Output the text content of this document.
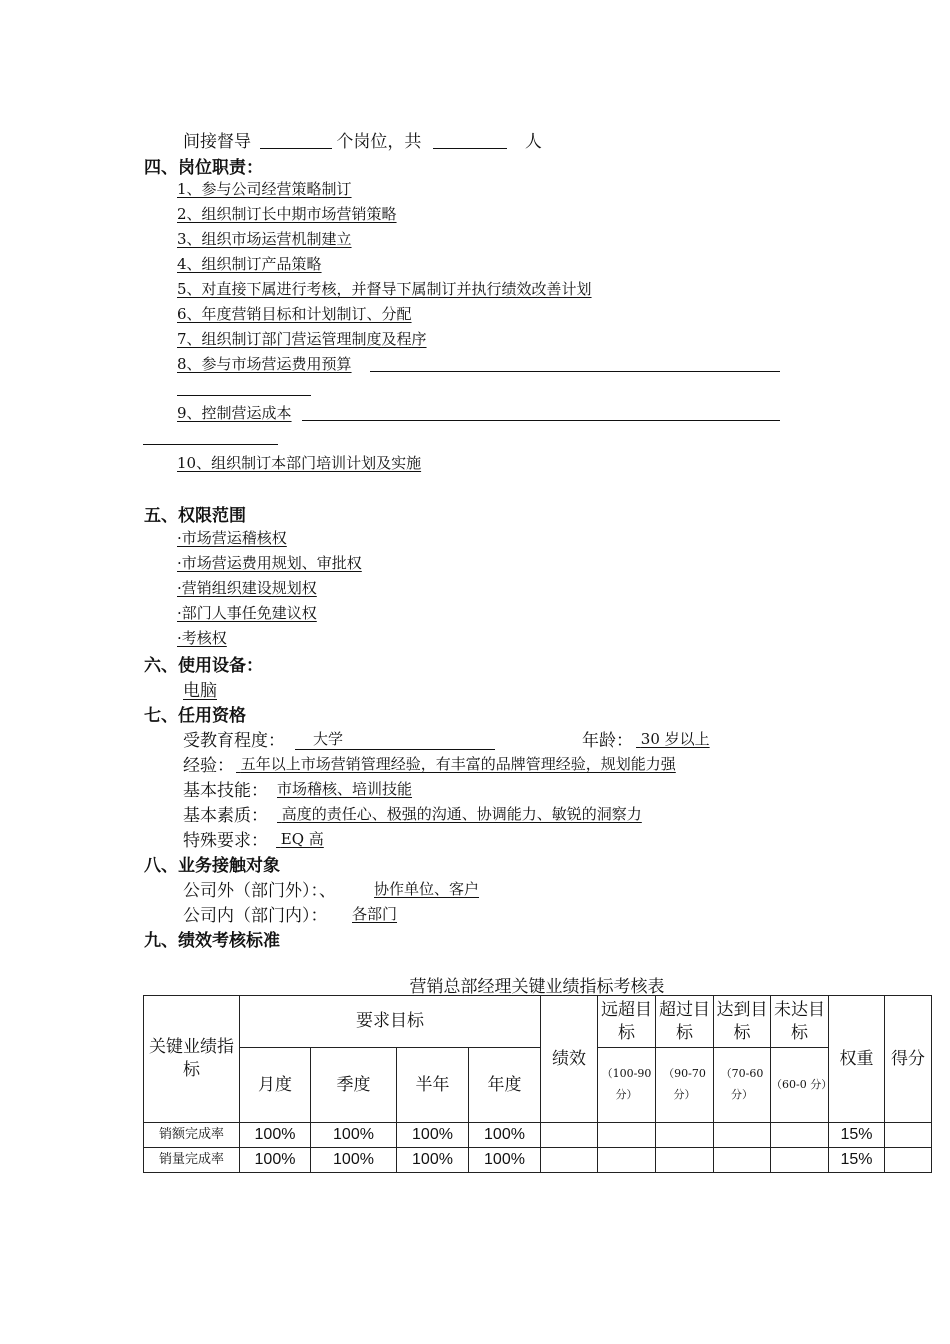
间接督导	个岗位，共	人
四、岗位职责：
1、参与公司经营策略制订
2、组织制订长中期市场营销策略
3、组织市场运营机制建立
4、组织制订产品策略
5、对直接下属进行考核，并督导下属制订并执行绩效改善计划
6、年度营销目标和计划制订、分配
7、组织制订部门营运管理制度及程序
8、参与市场营运费用预算
9、控制营运成本
10、组织制订本部门培训计划及实施
五、权限范围
·市场营运稽核权
·市场营运费用规划、审批权
·营销组织建设规划权
·部门人事任免建议权
·考核权
六、使用设备：
电脑
七、任用资格
受教育程度：	大学	年龄： 30 岁以上
经验： 五年以上市场营销管理经验，有丰富的品牌管理经验，规划能力强
基本技能： 市场稽核、培训技能
基本素质： 高度的责任心、极强的沟通、协调能力、敏锐的洞察力
特殊要求： EQ 高
八、业务接触对象
公司外（部门外）：、	协作单位、客户
公司内（部门内）： 各部门
九、绩效考核标准
营销总部经理关键业绩指标考核表
关键业绩指标	要求目标				绩效	远超目标	超过目标	达到目标	未达目标	权重	得分
	月度	季度	半年	年度		（100-90 分）	（90-70 分）	（70-60 分）	（60-0 分）		
销额完成率	100%	100%	100%	100%						15%	
销量完成率	100%	100%	100%	100%						15%	
